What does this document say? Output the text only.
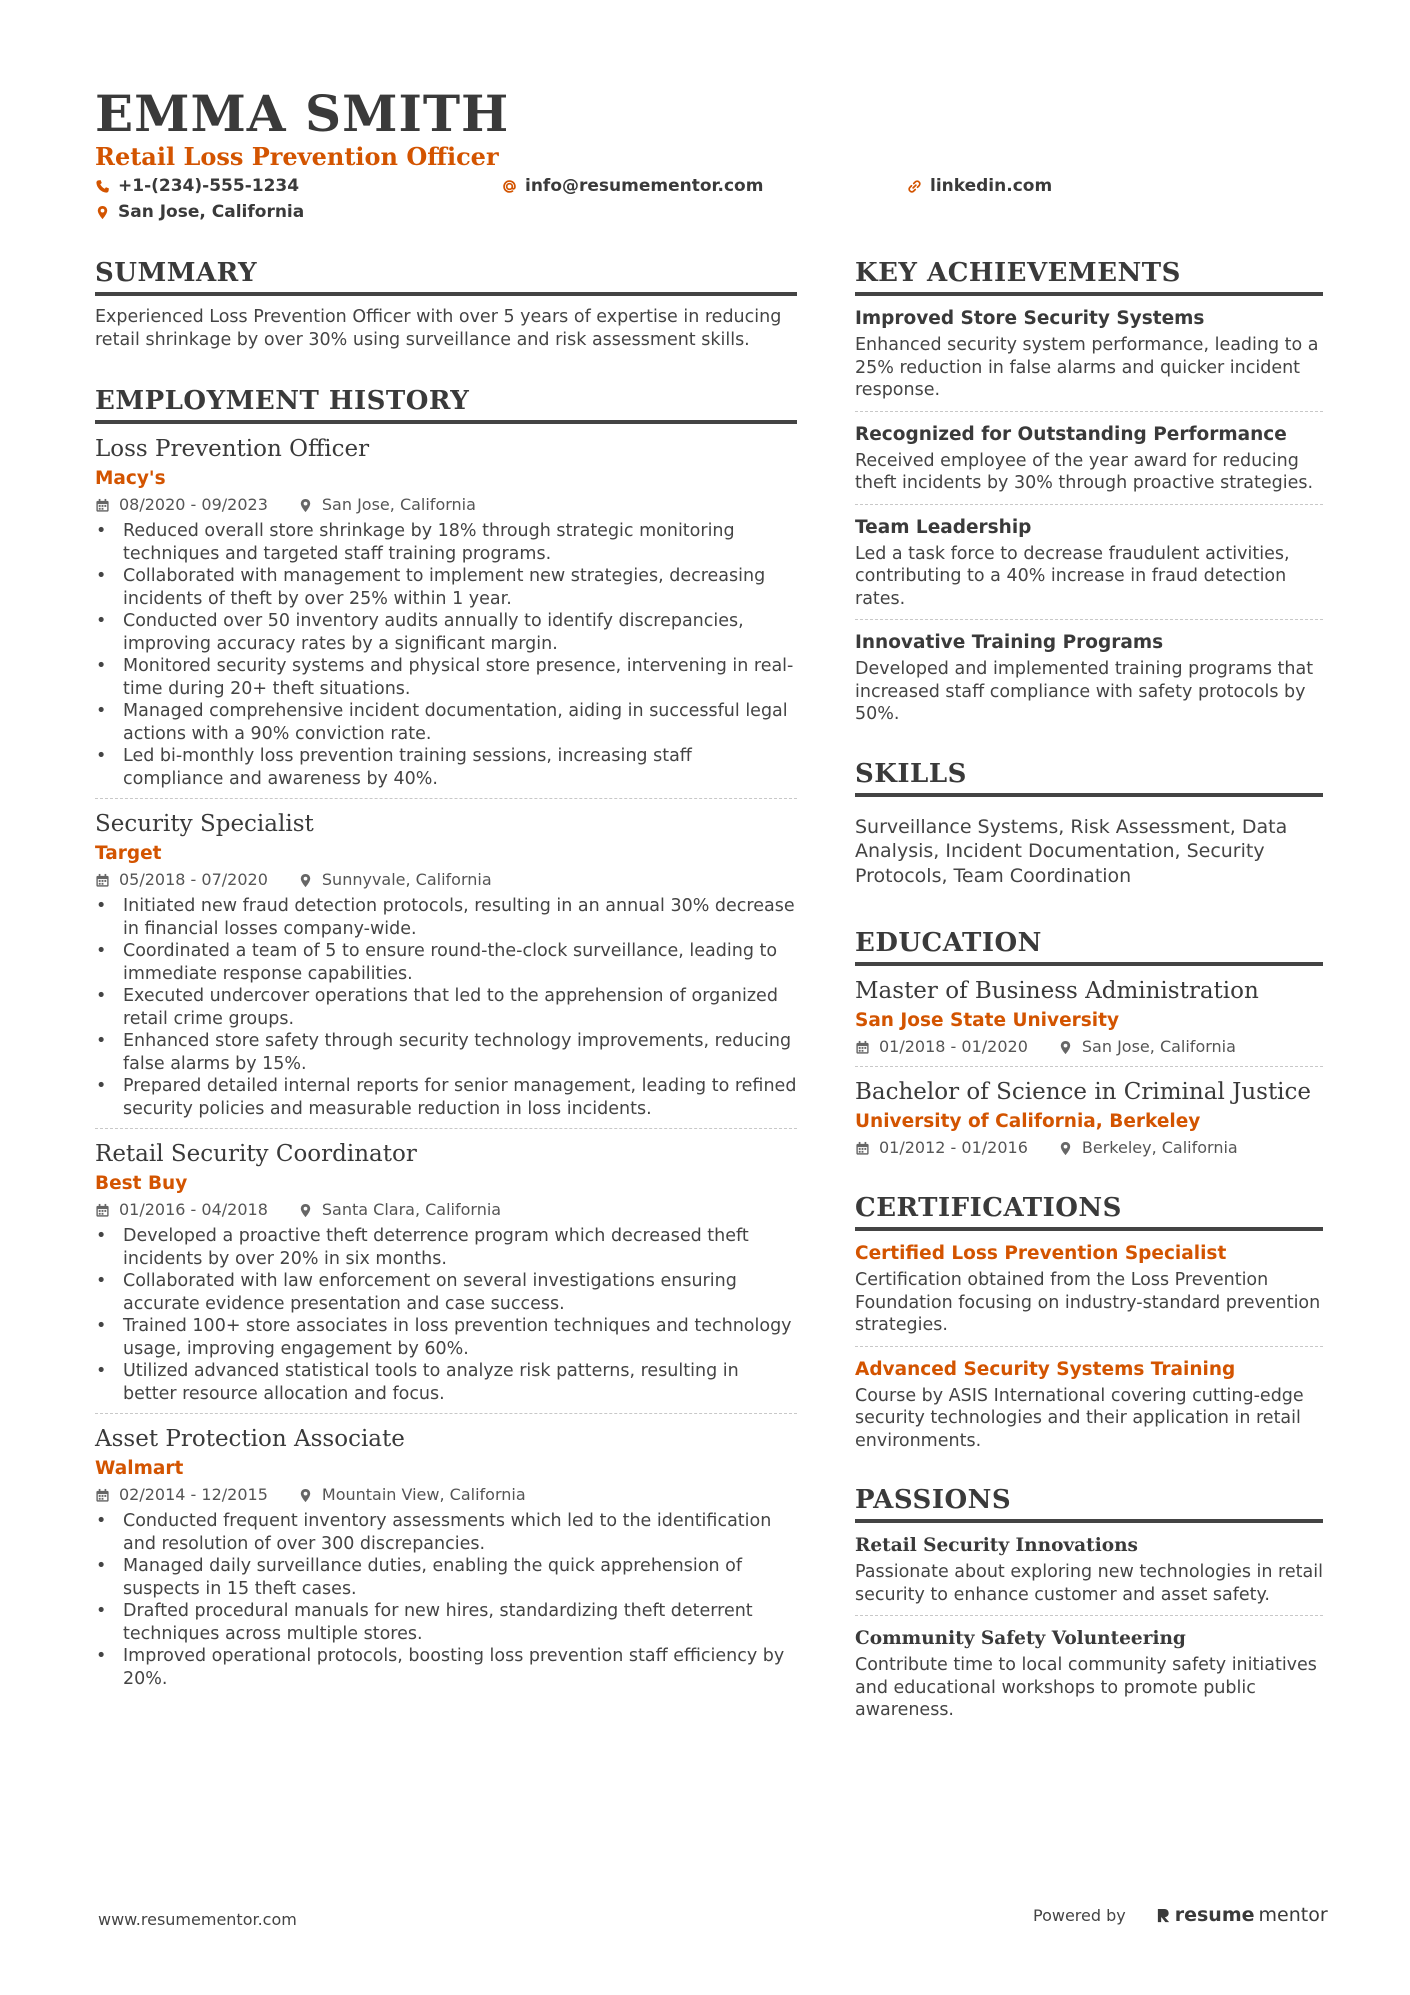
EMMA SMITH
Retail Loss Prevention Officer
+1-(234)-555-1234	info@resumementor.com	linkedin.com
San Jose, California
SUMMARY
Experienced Loss Prevention Officer with over 5 years of expertise in reducing retail shrinkage by over 30% using surveillance and risk assessment skills.
EMPLOYMENT HISTORY
Loss Prevention Officer
Macy's
08/2020 - 09/2023	San Jose, California
• Reduced overall store shrinkage by 18% through strategic monitoring techniques and targeted staff training programs.
• Collaborated with management to implement new strategies, decreasing incidents of theft by over 25% within 1 year.
• Conducted over 50 inventory audits annually to identify discrepancies, improving accuracy rates by a significant margin.
• Monitored security systems and physical store presence, intervening in real-time during 20+ theft situations.
• Managed comprehensive incident documentation, aiding in successful legal actions with a 90% conviction rate.
• Led bi-monthly loss prevention training sessions, increasing staff compliance and awareness by 40%.
Security Specialist
Target
05/2018 - 07/2020	Sunnyvale, California
• Initiated new fraud detection protocols, resulting in an annual 30% decrease in financial losses company-wide.
• Coordinated a team of 5 to ensure round-the-clock surveillance, leading to immediate response capabilities.
• Executed undercover operations that led to the apprehension of organized retail crime groups.
• Enhanced store safety through security technology improvements, reducing false alarms by 15%.
• Prepared detailed internal reports for senior management, leading to refined security policies and measurable reduction in loss incidents.
Retail Security Coordinator
Best Buy
01/2016 - 04/2018	Santa Clara, California
• Developed a proactive theft deterrence program which decreased theft incidents by over 20% in six months.
• Collaborated with law enforcement on several investigations ensuring accurate evidence presentation and case success.
• Trained 100+ store associates in loss prevention techniques and technology usage, improving engagement by 60%.
• Utilized advanced statistical tools to analyze risk patterns, resulting in better resource allocation and focus.
Asset Protection Associate
Walmart
02/2014 - 12/2015	Mountain View, California
• Conducted frequent inventory assessments which led to the identification and resolution of over 300 discrepancies.
• Managed daily surveillance duties, enabling the quick apprehension of suspects in 15 theft cases.
• Drafted procedural manuals for new hires, standardizing theft deterrent techniques across multiple stores.
• Improved operational protocols, boosting loss prevention staff efficiency by 20%.
KEY ACHIEVEMENTS
Improved Store Security Systems
Enhanced security system performance, leading to a 25% reduction in false alarms and quicker incident response.
Recognized for Outstanding Performance
Received employee of the year award for reducing theft incidents by 30% through proactive strategies.
Team Leadership
Led a task force to decrease fraudulent activities, contributing to a 40% increase in fraud detection rates.
Innovative Training Programs
Developed and implemented training programs that increased staff compliance with safety protocols by 50%.
SKILLS
Surveillance Systems, Risk Assessment, Data Analysis, Incident Documentation, Security Protocols, Team Coordination
EDUCATION
Master of Business Administration
San Jose State University
01/2018 - 01/2020	San Jose, California
Bachelor of Science in Criminal Justice
University of California, Berkeley
01/2012 - 01/2016	Berkeley, California
CERTIFICATIONS
Certified Loss Prevention Specialist
Certification obtained from the Loss Prevention Foundation focusing on industry-standard prevention strategies.
Advanced Security Systems Training
Course by ASIS International covering cutting-edge security technologies and their application in retail environments.
PASSIONS
Retail Security Innovations
Passionate about exploring new technologies in retail security to enhance customer and asset safety.
Community Safety Volunteering
Contribute time to local community safety initiatives and educational workshops to promote public awareness.
www.resumementor.com	Powered by	resume mentor
